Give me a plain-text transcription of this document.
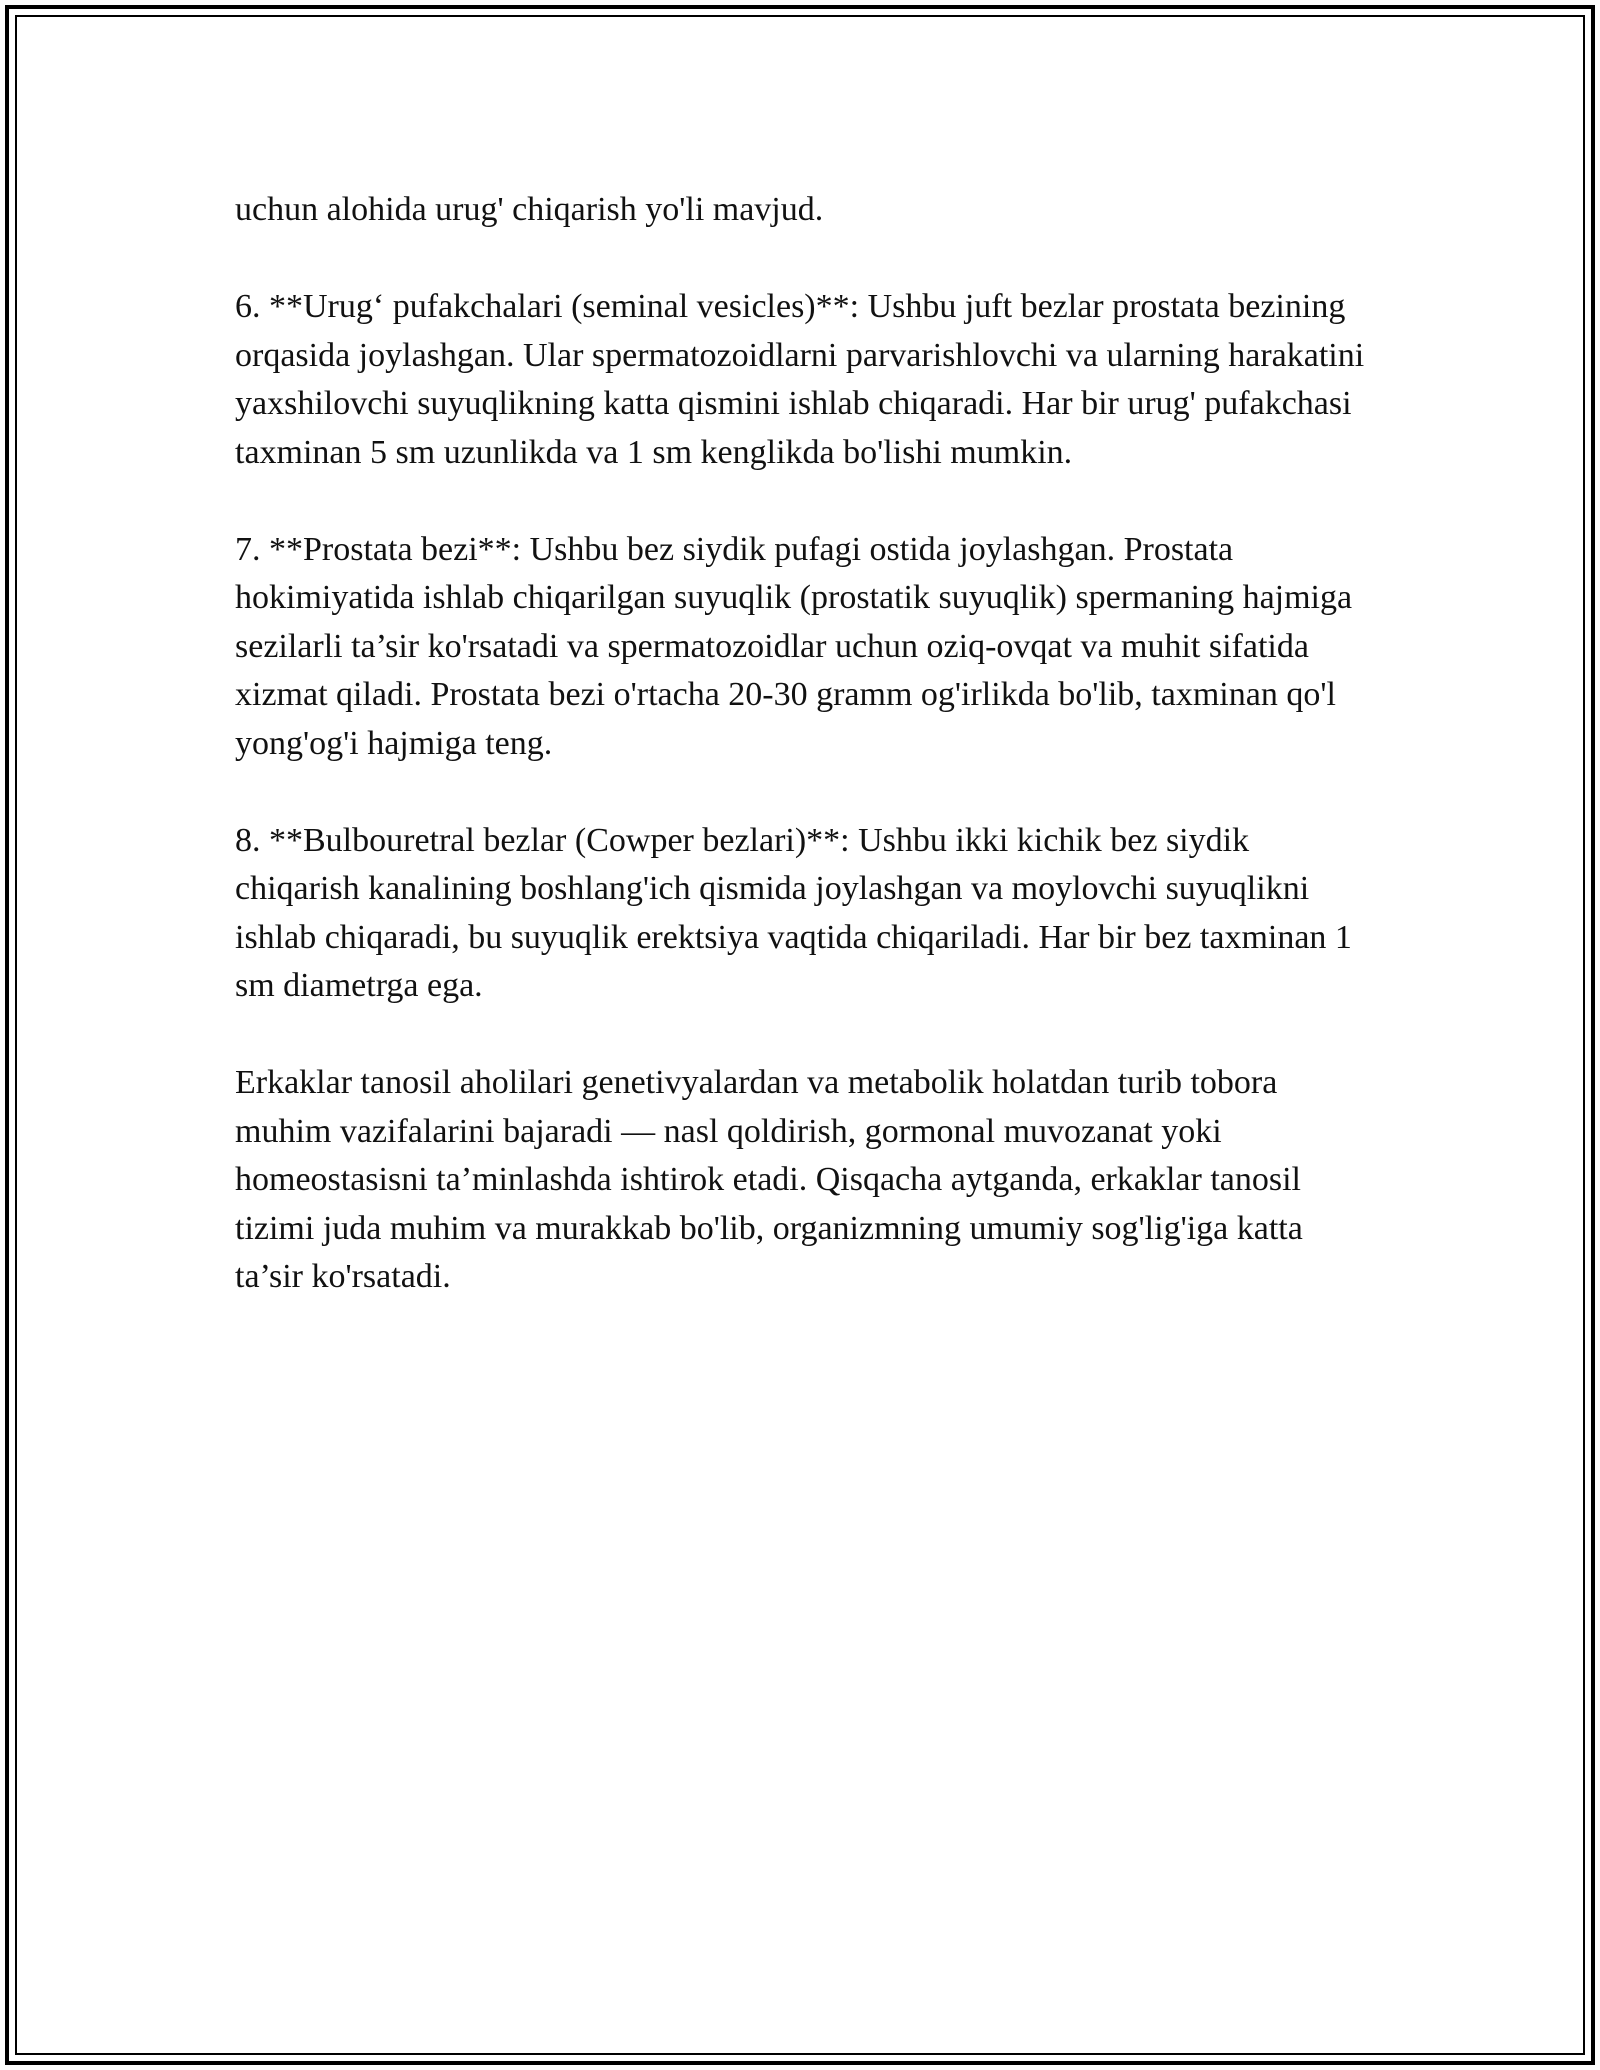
uchun alohida urug' chiqarish yo'li mavjud.

6. **Urug‘ pufakchalari (seminal vesicles)**: Ushbu juft bezlar prostata bezining orqasida joylashgan. Ular spermatozoidlarni parvarishlovchi va ularning harakatini yaxshilovchi suyuqlikning katta qismini ishlab chiqaradi. Har bir urug' pufakchasi taxminan 5 sm uzunlikda va 1 sm kenglikda bo'lishi mumkin.

7. **Prostata bezi**: Ushbu bez siydik pufagi ostida joylashgan. Prostata hokimiyatida ishlab chiqarilgan suyuqlik (prostatik suyuqlik) spermaning hajmiga sezilarli ta’sir ko'rsatadi va spermatozoidlar uchun oziq-ovqat va muhit sifatida xizmat qiladi. Prostata bezi o'rtacha 20-30 gramm og'irlikda bo'lib, taxminan qo'l yong'og'i hajmiga teng.

8. **Bulbouretral bezlar (Cowper bezlari)**: Ushbu ikki kichik bez siydik chiqarish kanalining boshlang'ich qismida joylashgan va moylovchi suyuqlikni ishlab chiqaradi, bu suyuqlik erektsiya vaqtida chiqariladi. Har bir bez taxminan 1 sm diametrga ega.

Erkaklar tanosil aholilari genetivyalardan va metabolik holatdan turib tobora muhim vazifalarini bajaradi — nasl qoldirish, gormonal muvozanat yoki homeostasisni ta’minlashda ishtirok etadi. Qisqacha aytganda, erkaklar tanosil tizimi juda muhim va murakkab bo'lib, organizmning umumiy sog'lig'iga katta ta’sir ko'rsatadi.
